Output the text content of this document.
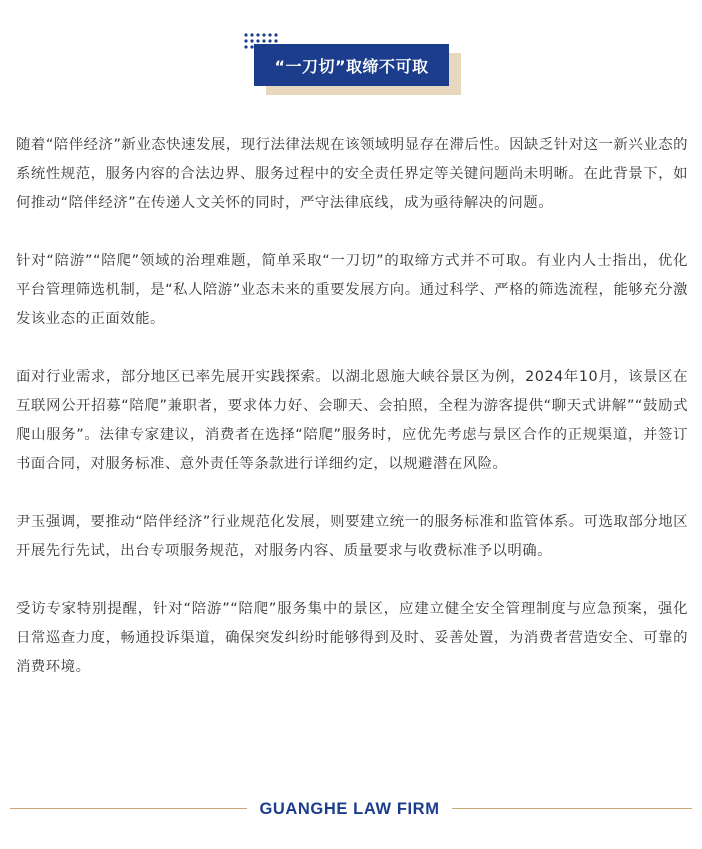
“一刀切”取缔不可取

随着“陪伴经济”新业态快速发展，现行法律法规在该领域明显存在滞后性。因缺乏针对这一新兴业态的系统性规范，服务内容的合法边界、服务过程中的安全责任界定等关键问题尚未明晰。在此背景下，如何推动“陪伴经济”在传递人文关怀的同时，严守法律底线，成为亟待解决的问题。

针对“陪游”“陪爬”领域的治理难题，简单采取“一刀切”的取缔方式并不可取。有业内人士指出，优化平台管理筛选机制，是“私人陪游”业态未来的重要发展方向。通过科学、严格的筛选流程，能够充分激发该业态的正面效能。

面对行业需求，部分地区已率先展开实践探索。以湖北恩施大峡谷景区为例，2024年10月，该景区在互联网公开招募“陪爬”兼职者，要求体力好、会聊天、会拍照，全程为游客提供“聊天式讲解”“鼓励式爬山服务”。法律专家建议，消费者在选择“陪爬”服务时，应优先考虑与景区合作的正规渠道，并签订书面合同，对服务标准、意外责任等条款进行详细约定，以规避潜在风险。

尹玉强调，要推动“陪伴经济”行业规范化发展，则要建立统一的服务标准和监管体系。可选取部分地区开展先行先试，出台专项服务规范，对服务内容、质量要求与收费标准予以明确。

受访专家特别提醒，针对“陪游”“陪爬”服务集中的景区，应建立健全安全管理制度与应急预案，强化日常巡查力度，畅通投诉渠道，确保突发纠纷时能够得到及时、妥善处置，为消费者营造安全、可靠的消费环境。

GUANGHE LAW FIRM
